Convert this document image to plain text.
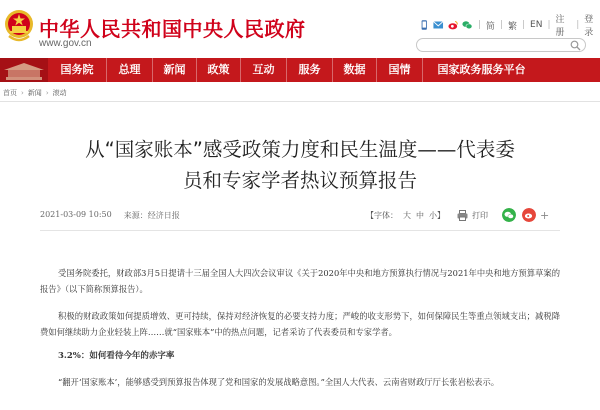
中华人民共和国中央人民政府
www.gov.cn
| 简 | 繁 | EN | 注册
| 登录
国务院	总理	新闻	政策	互动	服务	数据	国情	国家政务服务平台
首页 › 新闻 › 滚动
从“国家账本”感受政策力度和民生温度——代表委
员和专家学者热议预算报告
2021-03-09 10:50 来源：经济日报	【字体： 大 中 小 】	打印	+

受国务院委托，财政部3月5日提请十三届全国人大四次会议审议《关于2020年中央和地方预算执行情况与2021年中央和地方预算草案的报告》（以下简称预算报告）。

积极的财政政策如何提质增效、更可持续，保持对经济恢复的必要支持力度；严峻的收支形势下，如何保障民生等重点领域支出；减税降费如何继续助力企业轻装上阵……就“国家账本”中的热点问题，记者采访了代表委员和专家学者。

3.2%：如何看待今年的赤字率

“翻开‘国家账本’，能够感受到预算报告体现了党和国家的发展战略意图。”全国人大代表、云南省财政厅厅长张岩松表示。
